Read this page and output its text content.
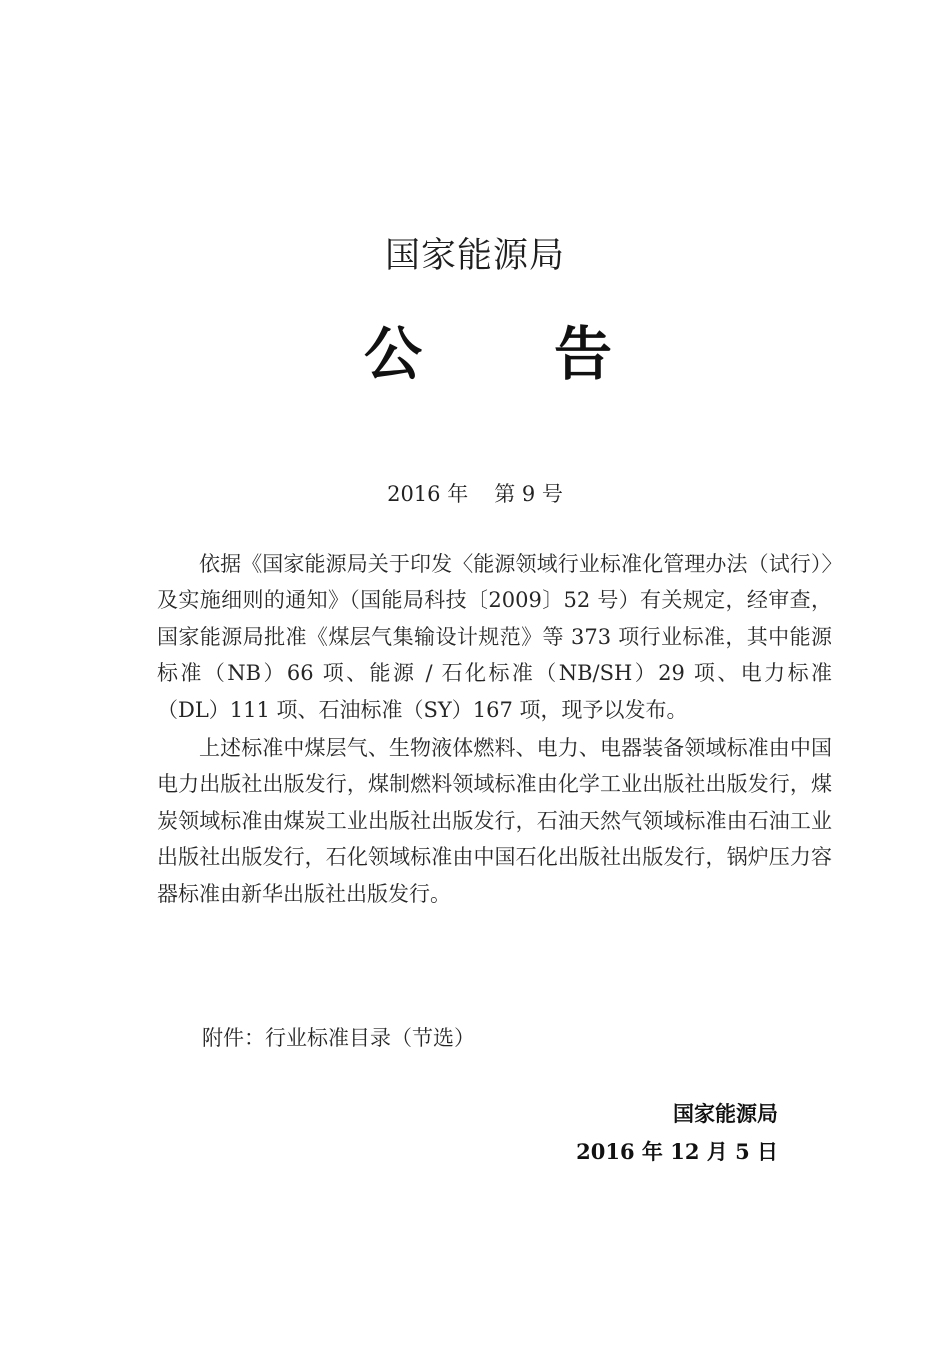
国家能源局
公 告
2016 年 第 9 号

依据《国家能源局关于印发〈能源领域行业标准化管理办法（试行）〉及实施细则的通知》（国能局科技〔2009〕52 号）有关规定，经审查，国家能源局批准《煤层气集输设计规范》等 373 项行业标准，其中能源标准（NB）66 项、能源 / 石化标准（NB/SH）29 项、电力标准（DL）111 项、石油标准（SY）167 项，现予以发布。

上述标准中煤层气、生物液体燃料、电力、电器装备领域标准由中国电力出版社出版发行，煤制燃料领域标准由化学工业出版社出版发行，煤炭领域标准由煤炭工业出版社出版发行，石油天然气领域标准由石油工业出版社出版发行，石化领域标准由中国石化出版社出版发行，锅炉压力容器标准由新华出版社出版发行。

附件：行业标准目录（节选）
国家能源局
2016 年 12 月 5 日
